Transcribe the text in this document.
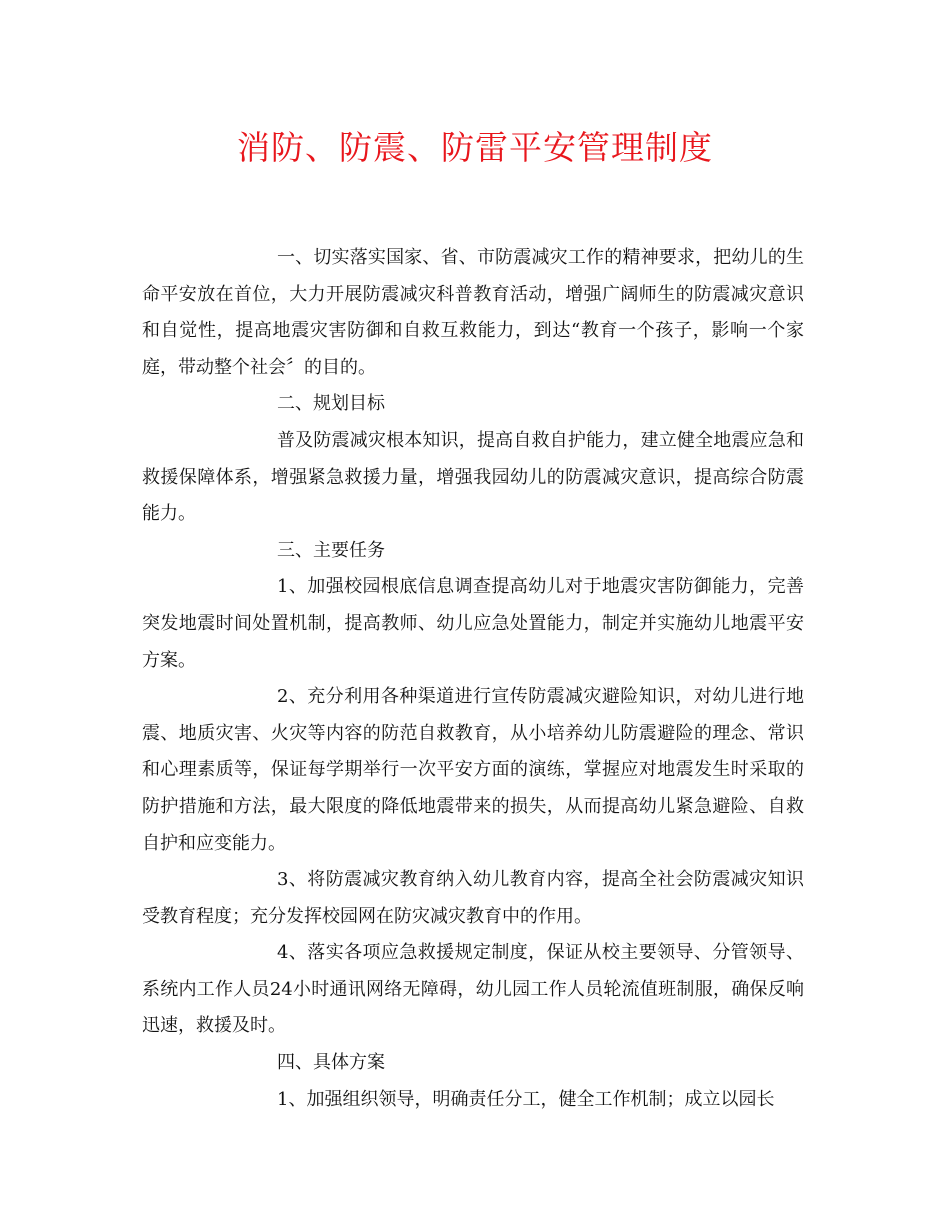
消防、防震、防雷平安管理制度

一、切实落实国家、省、市防震减灾工作的精神要求，把幼儿的生命平安放在首位，大力开展防震减灾科普教育活动，增强广阔师生的防震减灾意识和自觉性，提高地震灾害防御和自救互救能力，到达“教育一个孩子，影响一个家庭，带动整个社会〞的目的。

二、规划目标

普及防震减灾根本知识，提高自救自护能力，建立健全地震应急和救援保障体系，增强紧急救援力量，增强我园幼儿的防震减灾意识，提高综合防震能力。

三、主要任务

1、加强校园根底信息调查提高幼儿对于地震灾害防御能力，完善突发地震时间处置机制，提高教师、幼儿应急处置能力，制定并实施幼儿地震平安方案。

2、充分利用各种渠道进行宣传防震减灾避险知识，对幼儿进行地震、地质灾害、火灾等内容的防范自救教育，从小培养幼儿防震避险的理念、常识和心理素质等，保证每学期举行一次平安方面的演练，掌握应对地震发生时采取的防护措施和方法，最大限度的降低地震带来的损失，从而提高幼儿紧急避险、自救自护和应变能力。

3、将防震减灾教育纳入幼儿教育内容，提高全社会防震减灾知识受教育程度；充分发挥校园网在防灾减灾教育中的作用。

4、落实各项应急救援规定制度，保证从校主要领导、分管领导、系统内工作人员24小时通讯网络无障碍，幼儿园工作人员轮流值班制服，确保反响迅速，救援及时。

四、具体方案

1、加强组织领导，明确责任分工，健全工作机制；成立以园长
